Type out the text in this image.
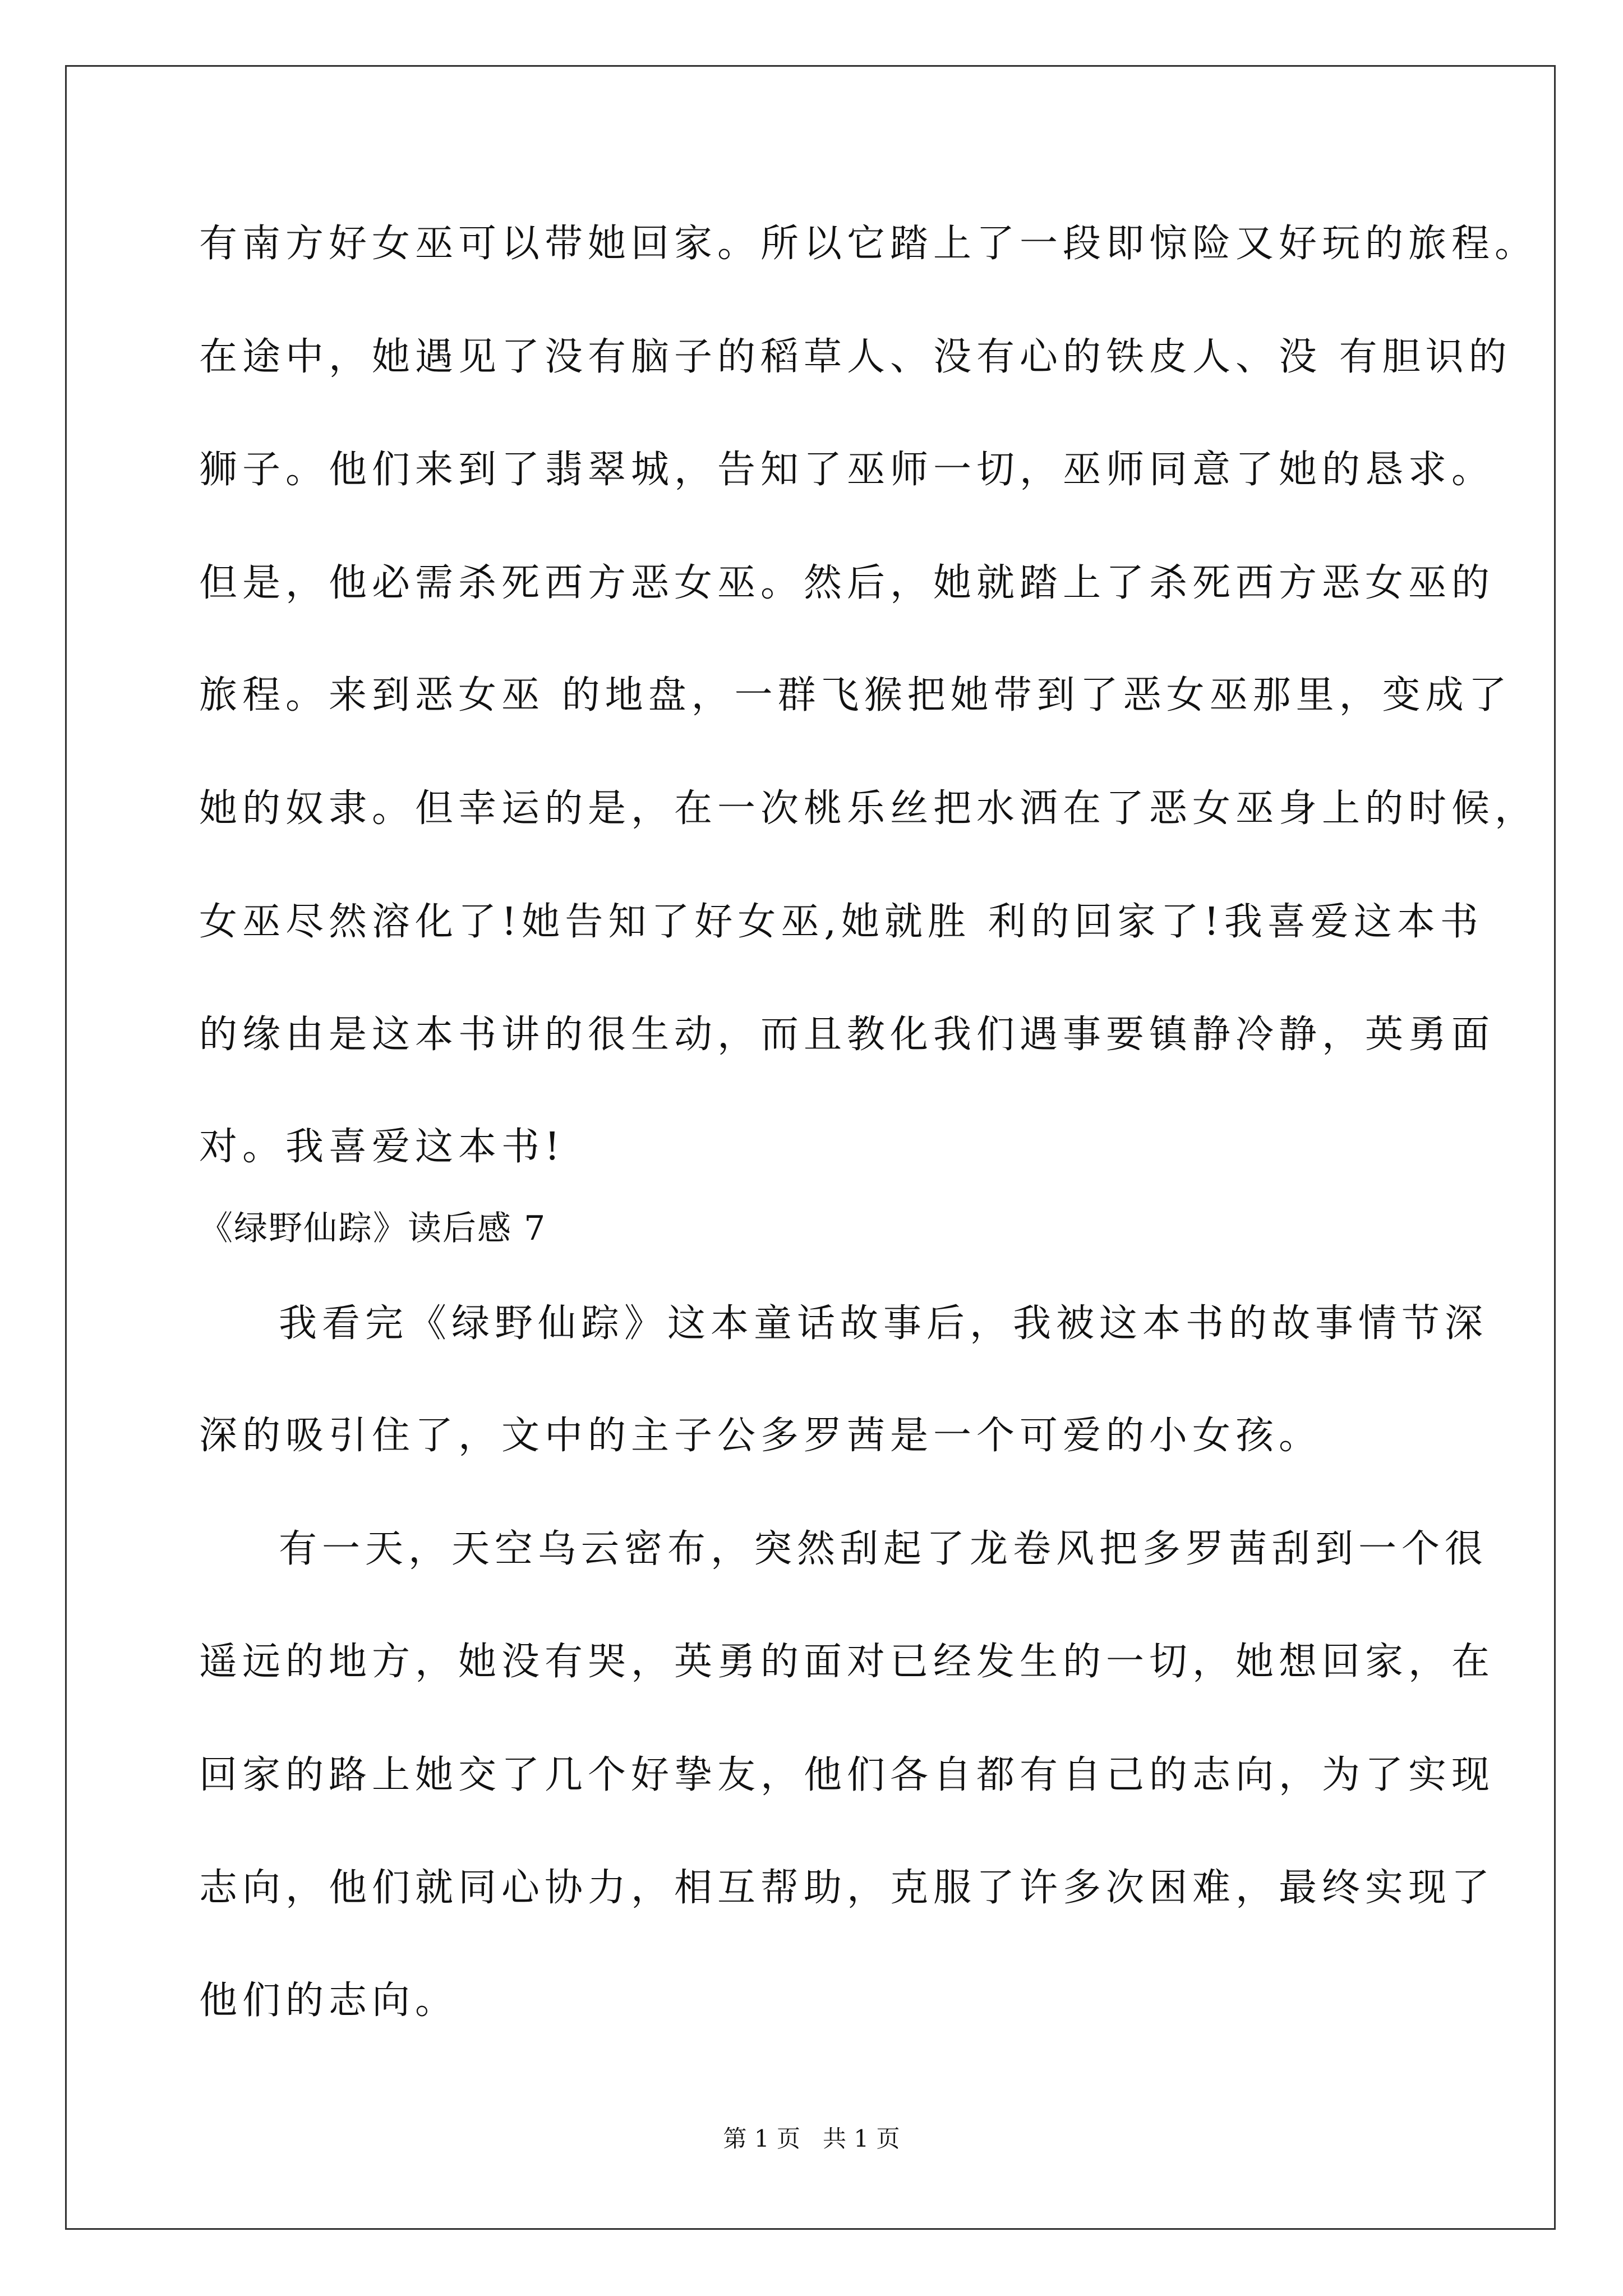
有南方好女巫可以带她回家。所以它踏上了一段即惊险又好玩的旅程。
在途中，她遇见了没有脑子的稻草人、没有心的铁皮人、没 有胆识的
狮子。他们来到了翡翠城，告知了巫师一切，巫师同意了她的恳求。
但是，他必需杀死西方恶女巫。然后，她就踏上了杀死西方恶女巫的
旅程。来到恶女巫 的地盘，一群飞猴把她带到了恶女巫那里，变成了
她的奴隶。但幸运的是，在一次桃乐丝把水洒在了恶女巫身上的时候，
女巫尽然溶化了!她告知了好女巫,她就胜 利的回家了!我喜爱这本书
的缘由是这本书讲的很生动，而且教化我们遇事要镇静冷静，英勇面
对。我喜爱这本书!
《绿野仙踪》读后感 7
我看完《绿野仙踪》这本童话故事后，我被这本书的故事情节深
深的吸引住了，文中的主子公多罗茜是一个可爱的小女孩。
有一天，天空乌云密布，突然刮起了龙卷风把多罗茜刮到一个很
遥远的地方，她没有哭，英勇的面对已经发生的一切，她想回家，在
回家的路上她交了几个好挚友，他们各自都有自己的志向，为了实现
志向，他们就同心协力，相互帮助，克服了许多次困难，最终实现了
他们的志向。
第 1 页   共 1 页
